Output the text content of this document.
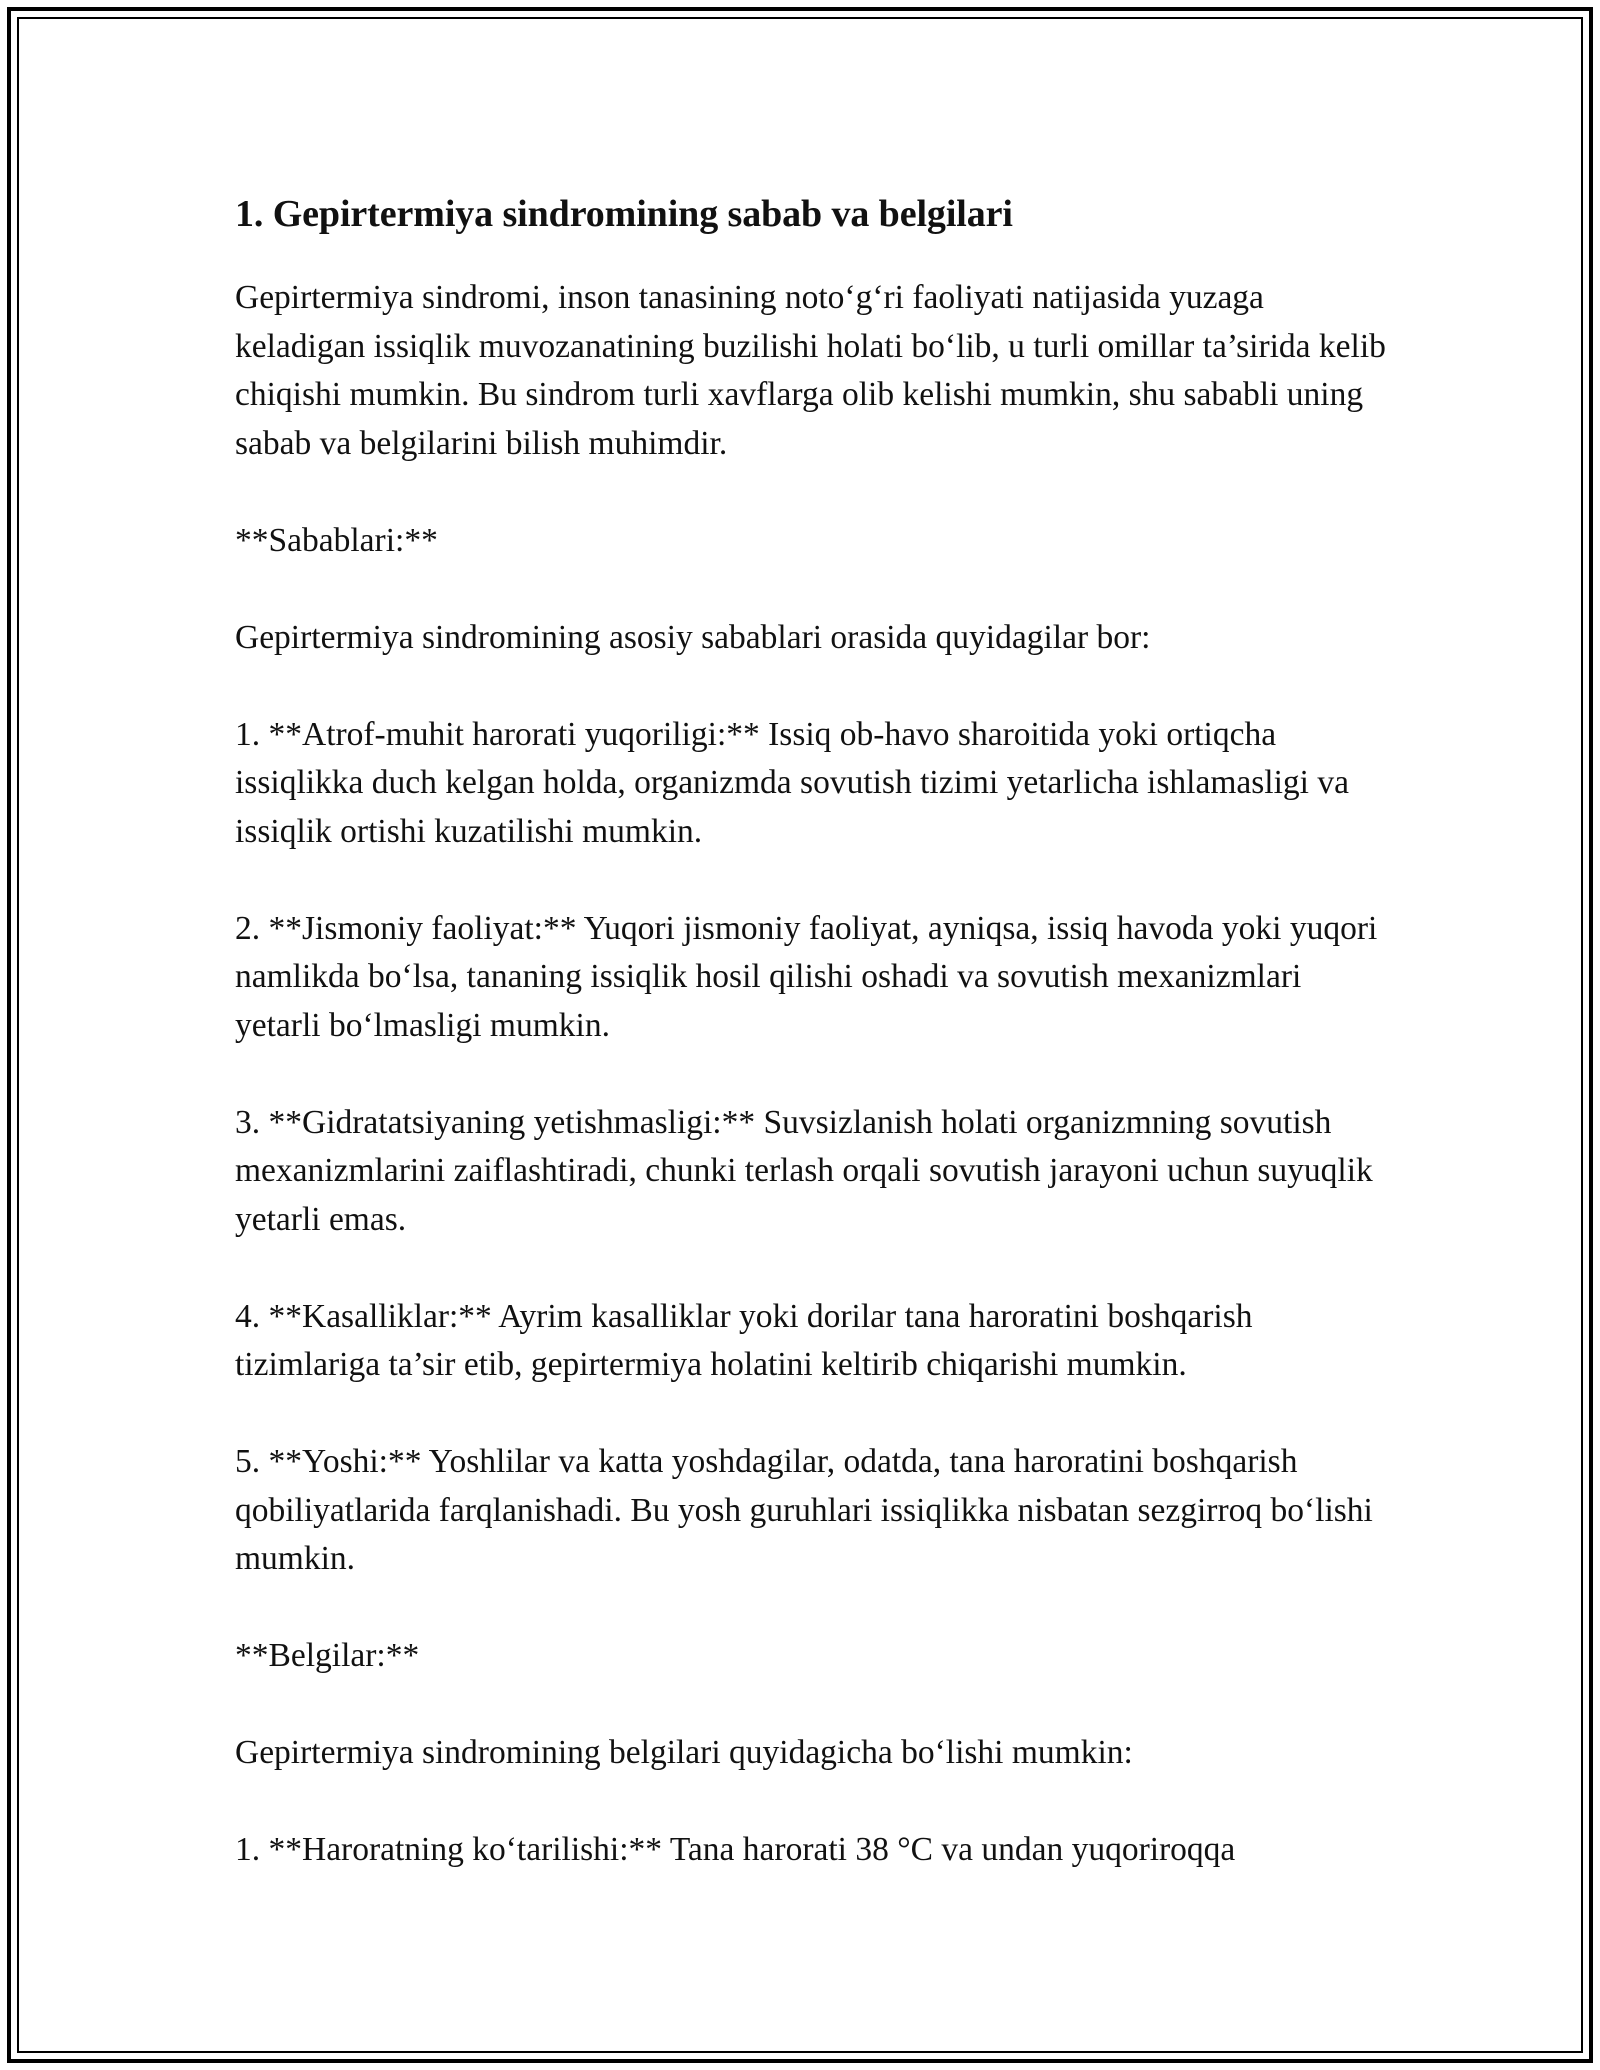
1. Gepirtermiya sindromining sabab va belgilari

Gepirtermiya sindromi, inson tanasining noto‘g‘ri faoliyati natijasida yuzaga keladigan issiqlik muvozanatining buzilishi holati bo‘lib, u turli omillar ta’sirida kelib chiqishi mumkin. Bu sindrom turli xavflarga olib kelishi mumkin, shu sababli uning sabab va belgilarini bilish muhimdir.

**Sabablari:**

Gepirtermiya sindromining asosiy sabablari orasida quyidagilar bor:

1. **Atrof-muhit harorati yuqoriligi:** Issiq ob-havo sharoitida yoki ortiqcha issiqlikka duch kelgan holda, organizmda sovutish tizimi yetarlicha ishlamasligi va issiqlik ortishi kuzatilishi mumkin.

2. **Jismoniy faoliyat:** Yuqori jismoniy faoliyat, ayniqsa, issiq havoda yoki yuqori namlikda bo‘lsa, tananing issiqlik hosil qilishi oshadi va sovutish mexanizmlari yetarli bo‘lmasligi mumkin.

3. **Gidratatsiyaning yetishmasligi:** Suvsizlanish holati organizmning sovutish mexanizmlarini zaiflashtiradi, chunki terlash orqali sovutish jarayoni uchun suyuqlik yetarli emas.

4. **Kasalliklar:** Ayrim kasalliklar yoki dorilar tana haroratini boshqarish tizimlariga ta’sir etib, gepirtermiya holatini keltirib chiqarishi mumkin.

5. **Yoshi:** Yoshlilar va katta yoshdagilar, odatda, tana haroratini boshqarish qobiliyatlarida farqlanishadi. Bu yosh guruhlari issiqlikka nisbatan sezgirroq bo‘lishi mumkin.

**Belgilar:**

Gepirtermiya sindromining belgilari quyidagicha bo‘lishi mumkin:

1. **Haroratning ko‘tarilishi:** Tana harorati 38 °C va undan yuqoriroqqa
